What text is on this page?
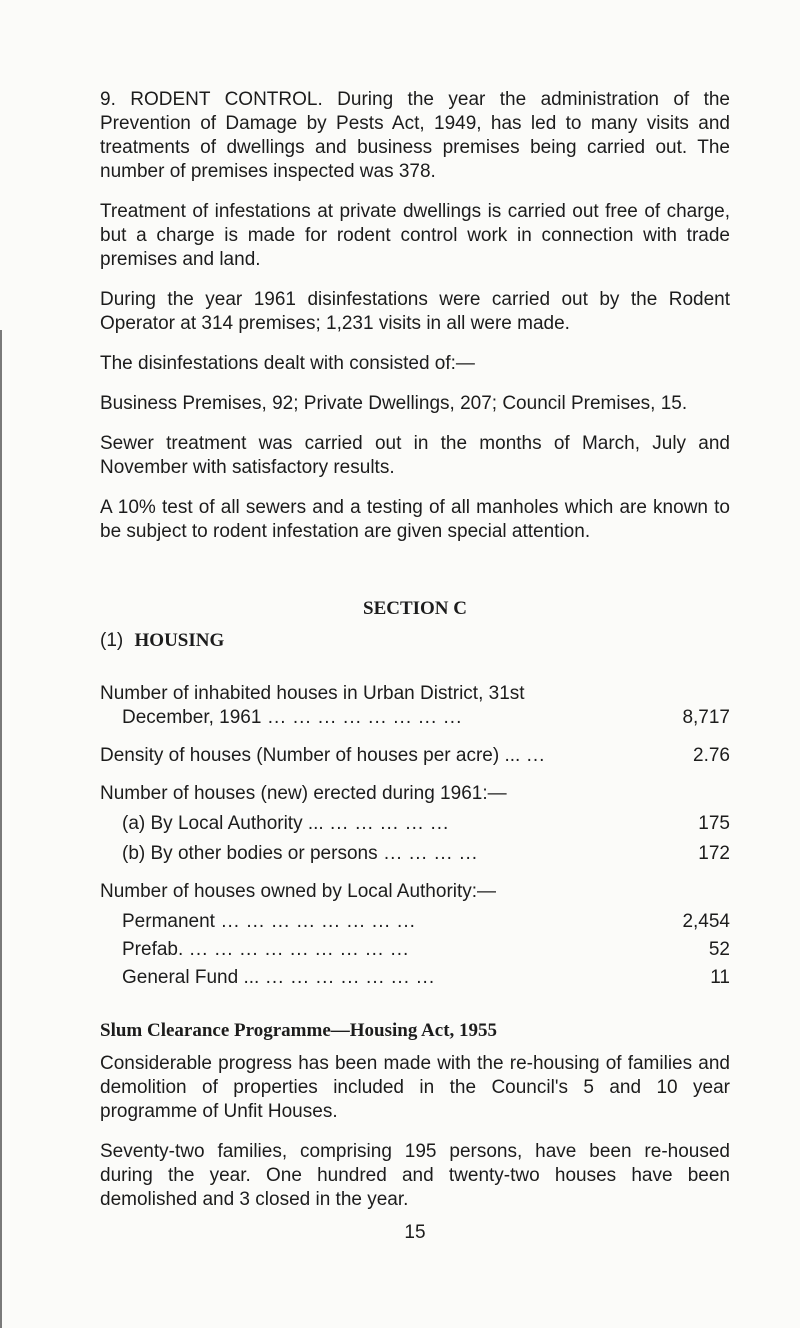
9. RODENT CONTROL. During the year the administration of the Prevention of Damage by Pests Act, 1949, has led to many visits and treatments of dwellings and business premises being carried out. The number of premises inspected was 378.

Treatment of infestations at private dwellings is carried out free of charge, but a charge is made for rodent control work in connection with trade premises and land.

During the year 1961 disinfestations were carried out by the Rodent Operator at 314 premises; 1,231 visits in all were made.

The disinfestations dealt with consisted of:—

Business Premises, 92; Private Dwellings, 207; Council Premises, 15.

Sewer treatment was carried out in the months of March, July and November with satisfactory results.

A 10% test of all sewers and a testing of all manholes which are known to be subject to rodent infestation are given special attention.

SECTION C
(1) HOUSING
Number of inhabited houses in Urban District, 31st
December, 1961 ... ... ... ... ... ... ... ...	8,717
Density of houses (Number of houses per acre) ... ...	2.76
Number of houses (new) erected during 1961:—
(a) By Local Authority ... ... ... ... ... ...	175
(b) By other bodies or persons ... ... ... ...	172
Number of houses owned by Local Authority:—
Permanent ... ... ... ... ... ... ... ...	2,454
Prefab. ... ... ... ... ... ... ... ... ...	52
General Fund ... ... ... ... ... ... ... ...	11
Slum Clearance Programme—Housing Act, 1955

Considerable progress has been made with the re-housing of families and demolition of properties included in the Council's 5 and 10 year programme of Unfit Houses.

Seventy-two families, comprising 195 persons, have been re-housed during the year. One hundred and twenty-two houses have been demolished and 3 closed in the year.

15
